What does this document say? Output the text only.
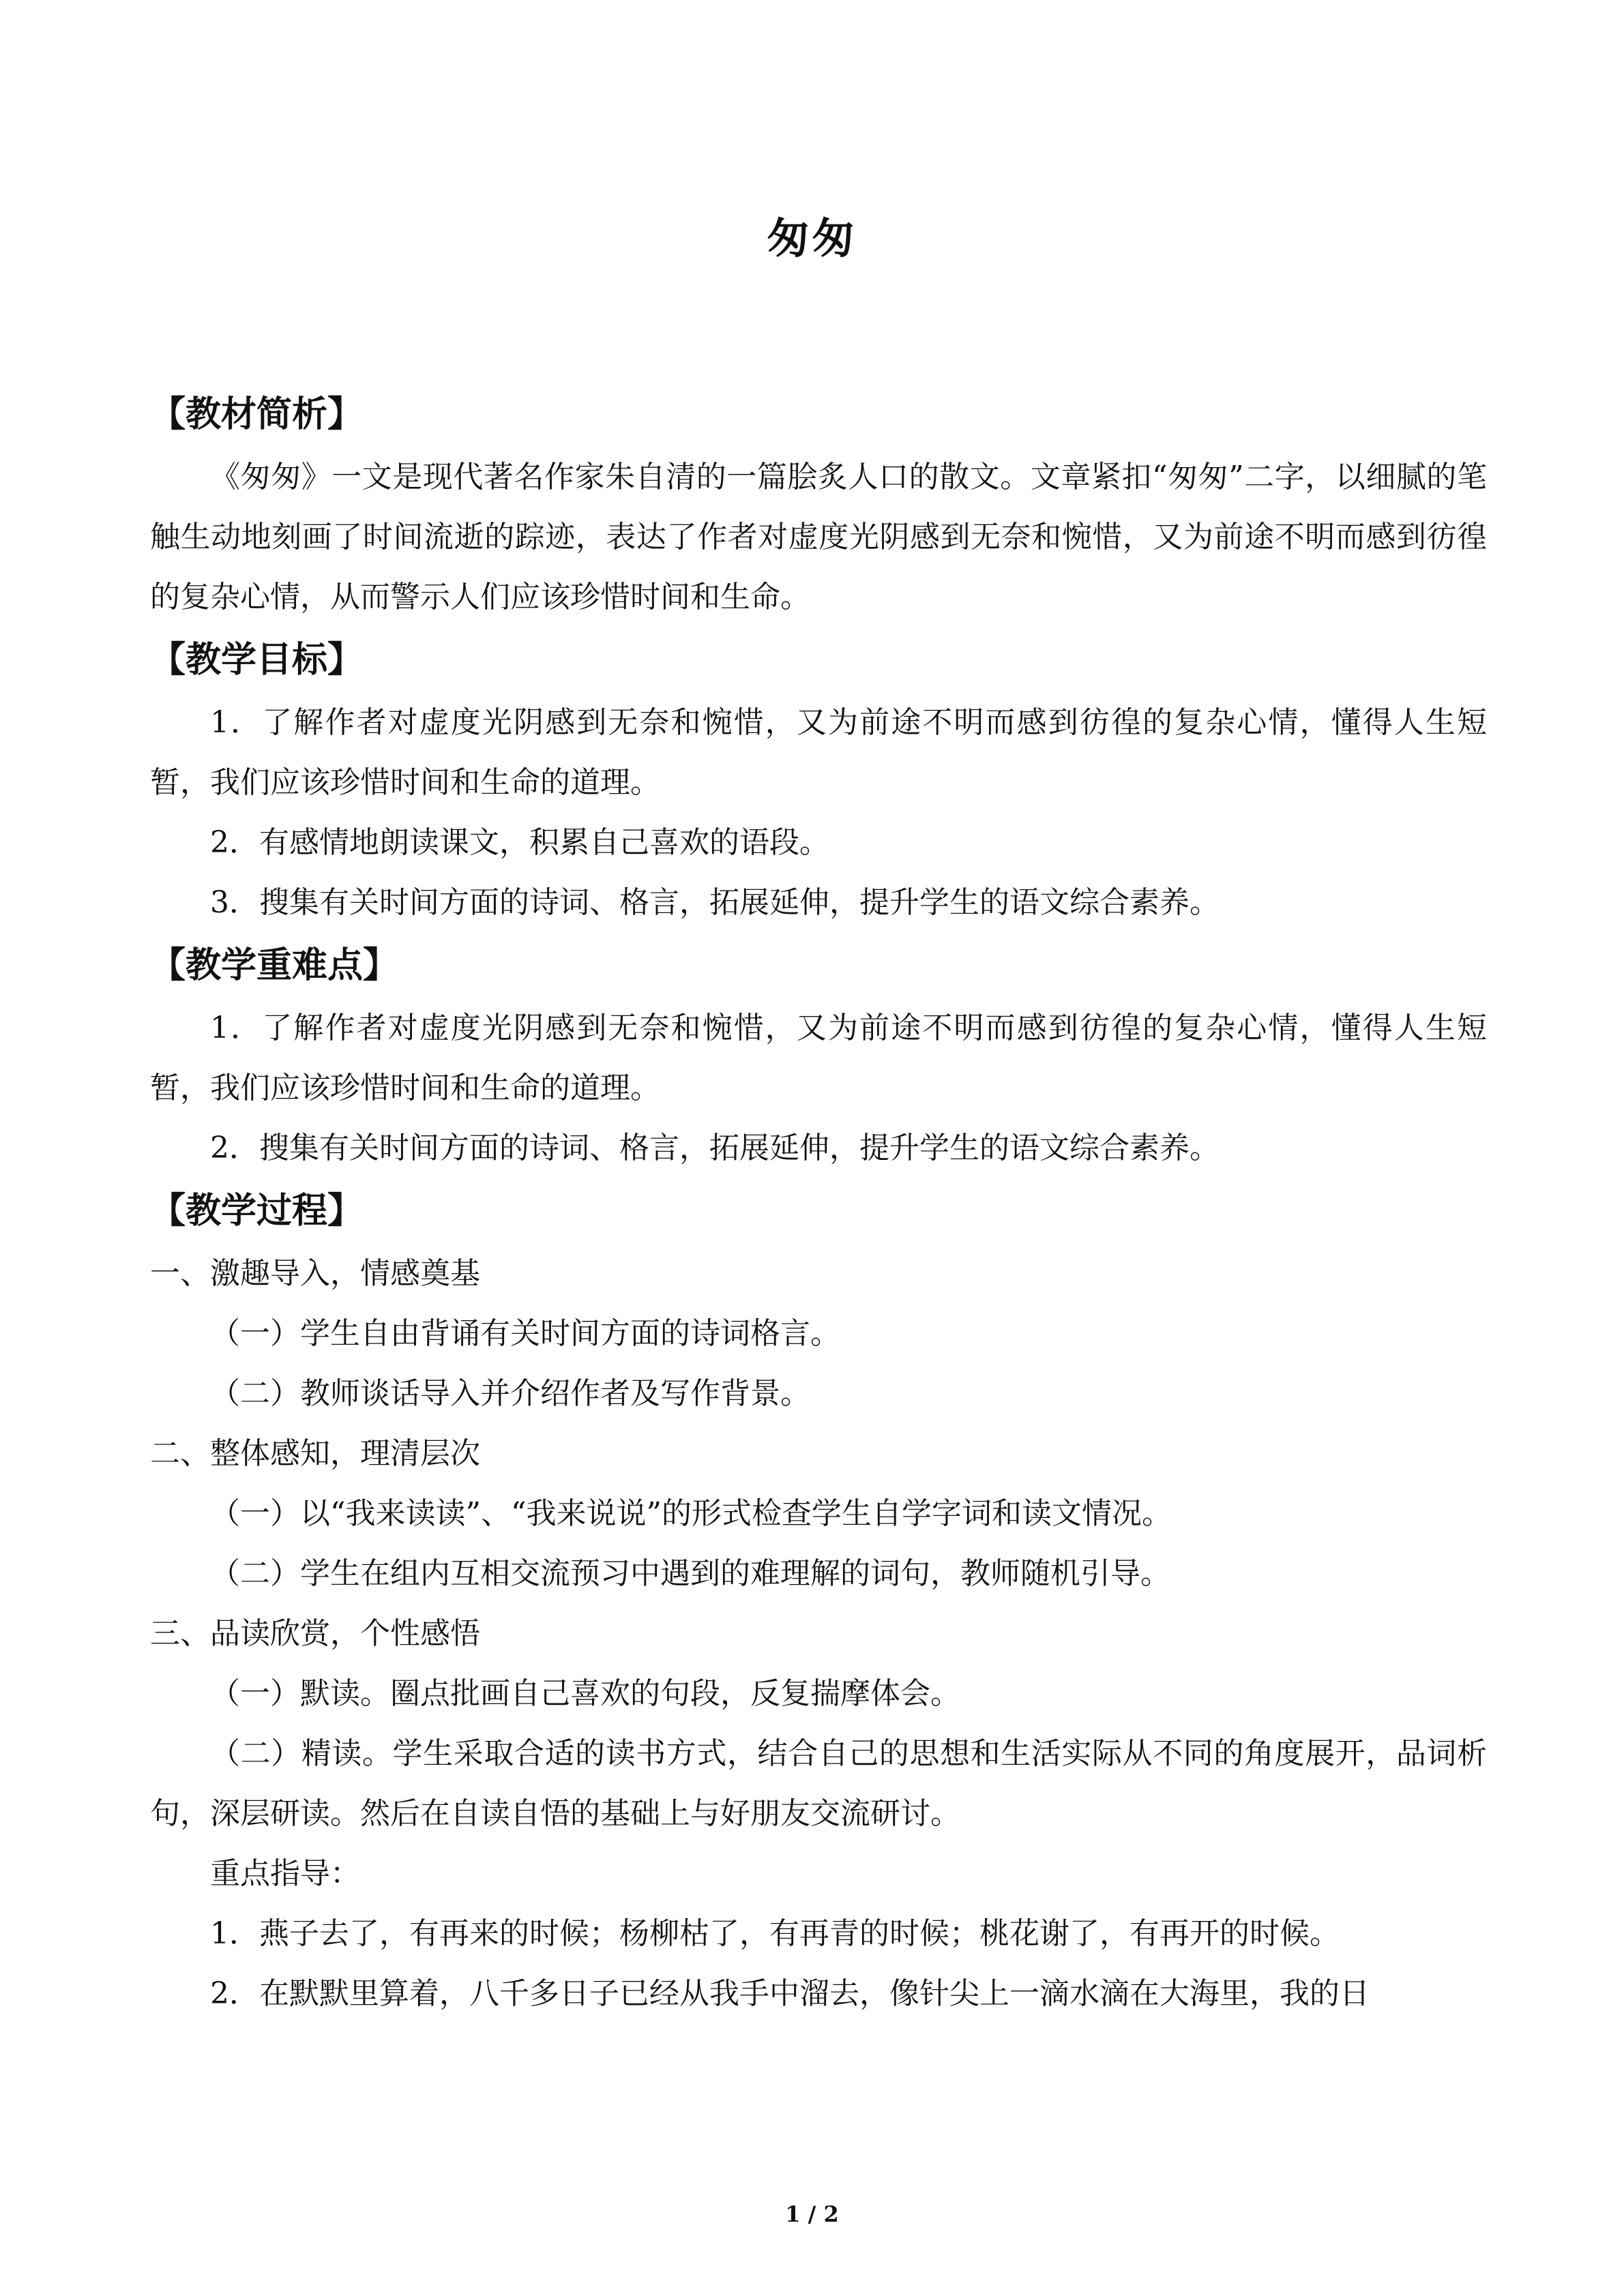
匆匆

【教材简析】

《匆匆》一文是现代著名作家朱自清的一篇脍炙人口的散文。文章紧扣“匆匆”二字，以细腻的笔触生动地刻画了时间流逝的踪迹，表达了作者对虚度光阴感到无奈和惋惜，又为前途不明而感到彷徨的复杂心情，从而警示人们应该珍惜时间和生命。

【教学目标】

1．了解作者对虚度光阴感到无奈和惋惜，又为前途不明而感到彷徨的复杂心情，懂得人生短暂，我们应该珍惜时间和生命的道理。

2．有感情地朗读课文，积累自己喜欢的语段。

3．搜集有关时间方面的诗词、格言，拓展延伸，提升学生的语文综合素养。

【教学重难点】

1．了解作者对虚度光阴感到无奈和惋惜，又为前途不明而感到彷徨的复杂心情，懂得人生短暂，我们应该珍惜时间和生命的道理。

2．搜集有关时间方面的诗词、格言，拓展延伸，提升学生的语文综合素养。

【教学过程】

一、激趣导入，情感奠基

（一）学生自由背诵有关时间方面的诗词格言。

（二）教师谈话导入并介绍作者及写作背景。

二、整体感知，理清层次

（一）以“我来读读”、“我来说说”的形式检查学生自学字词和读文情况。

（二）学生在组内互相交流预习中遇到的难理解的词句，教师随机引导。

三、品读欣赏，个性感悟

（一）默读。圈点批画自己喜欢的句段，反复揣摩体会。

（二）精读。学生采取合适的读书方式，结合自己的思想和生活实际从不同的角度展开，品词析句，深层研读。然后在自读自悟的基础上与好朋友交流研讨。

重点指导：

1．燕子去了，有再来的时候；杨柳枯了，有再青的时候；桃花谢了，有再开的时候。

2．在默默里算着，八千多日子已经从我手中溜去，像针尖上一滴水滴在大海里，我的日

1 / 2
